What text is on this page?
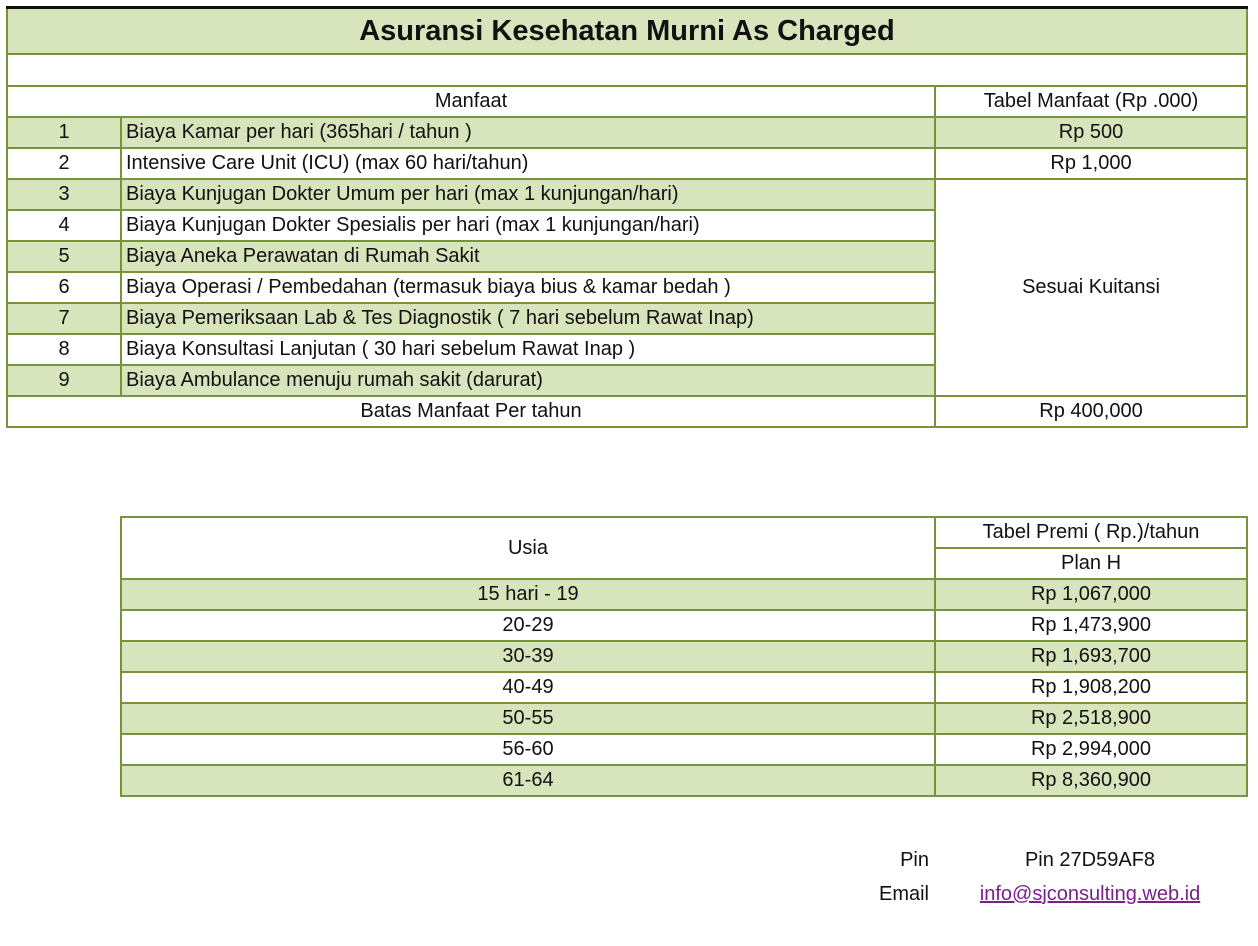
Asuransi Kesehatan Murni As Charged		

Manfaat		Tabel Manfaat (Rp .000)
1	Biaya Kamar per hari (365hari / tahun )	Rp 500
2	Intensive Care Unit (ICU) (max 60 hari/tahun)	Rp 1,000
3	Biaya Kunjugan Dokter Umum per hari (max 1 kunjungan/hari)	Sesuai Kuitansi
4	Biaya Kunjugan Dokter Spesialis per hari (max 1 kunjungan/hari)	
5	Biaya Aneka Perawatan di Rumah Sakit	
6	Biaya Operasi / Pembedahan (termasuk biaya bius & kamar bedah )	
7	Biaya Pemeriksaan Lab & Tes Diagnostik ( 7 hari sebelum Rawat Inap)	
8	Biaya Konsultasi Lanjutan ( 30 hari sebelum Rawat Inap )	
9	Biaya Ambulance menuju rumah sakit (darurat)	
Batas Manfaat Per tahun		Rp 400,000
Usia	Tabel Premi ( Rp.)/tahun
	Plan H
15 hari - 19	Rp 1,067,000
20-29	Rp 1,473,900
30-39	Rp 1,693,700
40-49	Rp 1,908,200
50-55	Rp 2,518,900
56-60	Rp 2,994,000
61-64	Rp 8,360,900
Pin	Pin 27D59AF8
Email	info@sjconsulting.web.id
